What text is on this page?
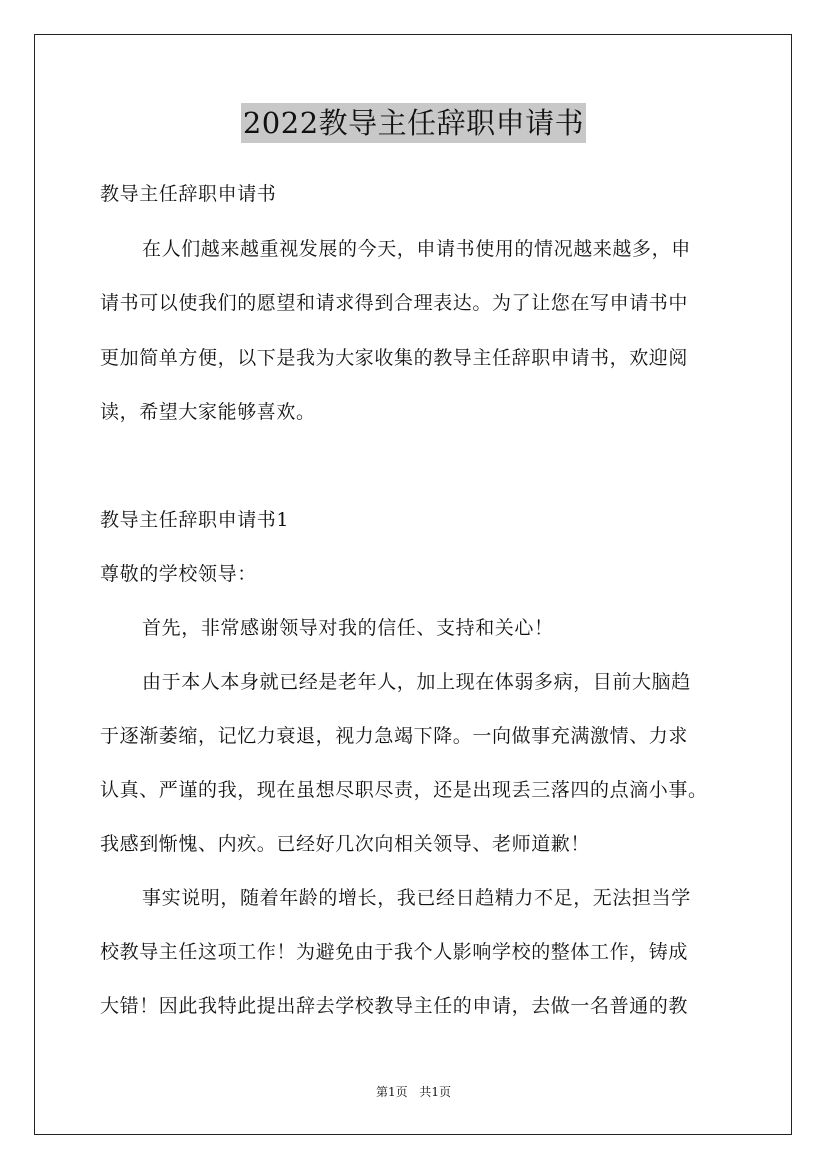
2022教导主任辞职申请书
教导主任辞职申请书
在人们越来越重视发展的今天，申请书使用的情况越来越多，申
请书可以使我们的愿望和请求得到合理表达。为了让您在写申请书中
更加简单方便，以下是我为大家收集的教导主任辞职申请书，欢迎阅
读，希望大家能够喜欢。
教导主任辞职申请书1
尊敬的学校领导：
首先，非常感谢领导对我的信任、支持和关心！
由于本人本身就已经是老年人，加上现在体弱多病，目前大脑趋
于逐渐萎缩，记忆力衰退，视力急竭下降。一向做事充满激情、力求
认真、严谨的我，现在虽想尽职尽责，还是出现丢三落四的点滴小事。
我感到惭愧、内疚。已经好几次向相关领导、老师道歉！
事实说明，随着年龄的增长，我已经日趋精力不足，无法担当学
校教导主任这项工作！为避免由于我个人影响学校的整体工作，铸成
大错！因此我特此提出辞去学校教导主任的申请，去做一名普通的教
第1页 共1页
